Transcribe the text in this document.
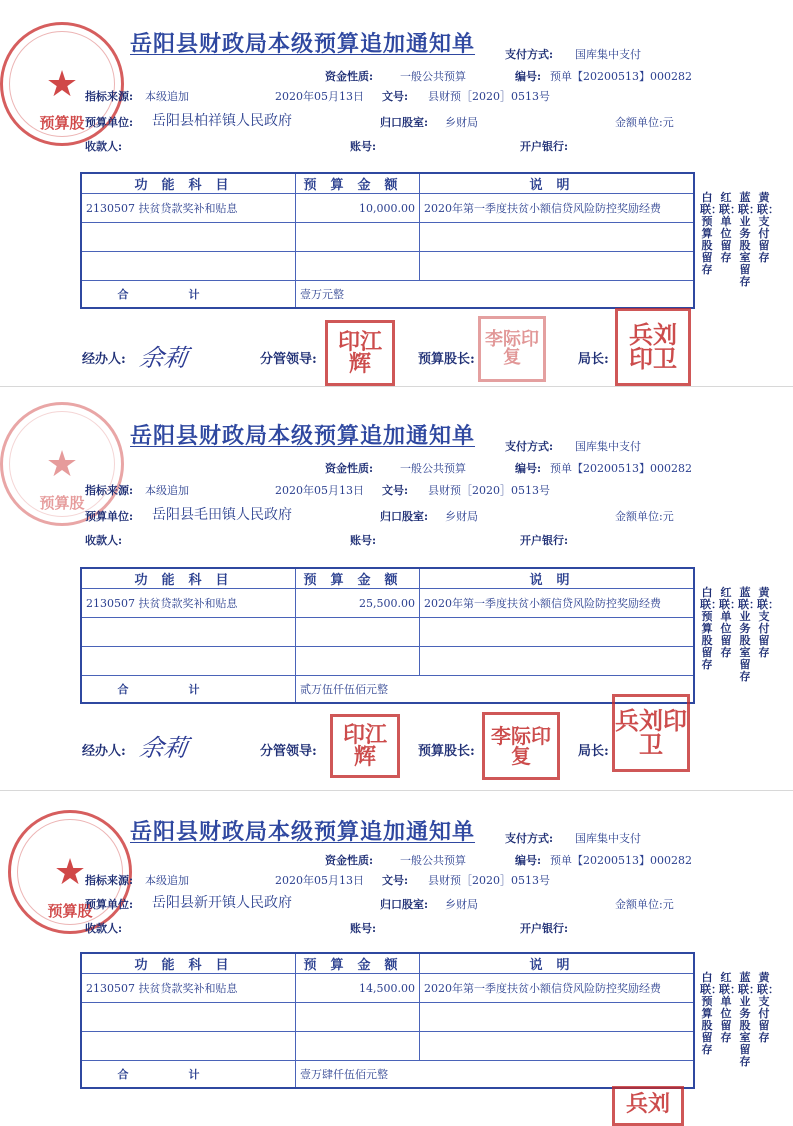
★
预算股
岳阳县财政局本级预算追加通知单	支付方式: 国库集中支付
资金性质: 一般公共预算	编号: 预单【20200513】000282
指标来源: 本级追加	2020年05月13日 文号: 县财预［2020］0513号
预算单位: 岳阳县柏祥镇人民政府	归口股室: 乡财局	金额单位:元
收款人:	账号:	开户银行:
功能科目	预算金额	说明
2130507 扶贫贷款奖补和贴息	10,000.00	2020年第一季度扶贫小额信贷风险防控奖励经费

合计	壹万元整	
白联：预算股留存
红联：单位留存
蓝联：业务股室留存
黄联：支付留存
经办人: 余莉	分管领导:
印江辉	预算股长:
李际印复	局长:
兵刘印卫
★
预算股
岳阳县财政局本级预算追加通知单	支付方式: 国库集中支付
资金性质: 一般公共预算	编号: 预单【20200513】000282
指标来源: 本级追加	2020年05月13日 文号: 县财预［2020］0513号
预算单位: 岳阳县毛田镇人民政府	归口股室: 乡财局	金额单位:元
收款人:	账号:	开户银行:
功能科目	预算金额	说明
2130507 扶贫贷款奖补和贴息	25,500.00	2020年第一季度扶贫小额信贷风险防控奖励经费

合计	贰万伍仟伍佰元整	
白联：预算股留存
红联：单位留存
蓝联：业务股室留存
黄联：支付留存
经办人: 余莉	分管领导:
印江辉	预算股长:
李际印复	局长:
兵刘印卫
★
预算股
岳阳县财政局本级预算追加通知单	支付方式: 国库集中支付
资金性质: 一般公共预算	编号: 预单【20200513】000282
指标来源: 本级追加	2020年05月13日 文号: 县财预［2020］0513号
预算单位: 岳阳县新开镇人民政府	归口股室: 乡财局	金额单位:元
收款人:	账号:	开户银行:
功能科目	预算金额	说明
2130507 扶贫贷款奖补和贴息	14,500.00	2020年第一季度扶贫小额信贷风险防控奖励经费

合计	壹万肆仟伍佰元整	
白联：预算股留存
红联：单位留存
蓝联：业务股室留存
黄联：支付留存
兵刘
